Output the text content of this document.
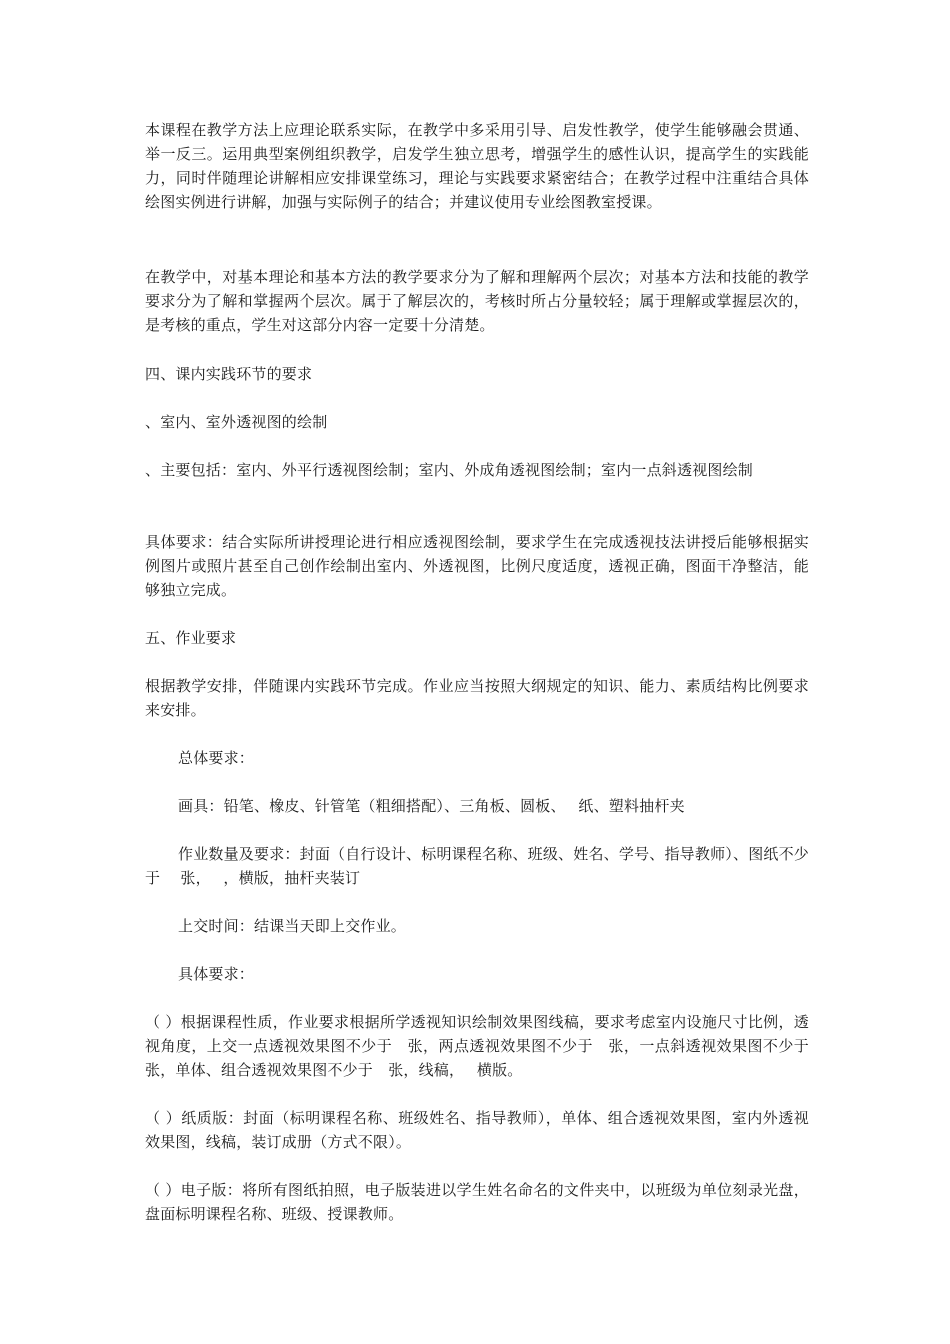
本课程在教学方法上应理论联系实际，在教学中多采用引导、启发性教学，使学生能够融会贯通、举一反三。运用典型案例组织教学，启发学生独立思考，增强学生的感性认识，提高学生的实践能力，同时伴随理论讲解相应安排课堂练习，理论与实践要求紧密结合；在教学过程中注重结合具体绘图实例进行讲解，加强与实际例子的结合；并建议使用专业绘图教室授课。

在教学中，对基本理论和基本方法的教学要求分为了解和理解两个层次；对基本方法和技能的教学要求分为了解和掌握两个层次。属于了解层次的，考核时所占分量较轻；属于理解或掌握层次的，是考核的重点，学生对这部分内容一定要十分清楚。

四、课内实践环节的要求

、室内、室外透视图的绘制

、主要包括：室内、外平行透视图绘制；室内、外成角透视图绘制；室内一点斜透视图绘制

具体要求：结合实际所讲授理论进行相应透视图绘制，要求学生在完成透视技法讲授后能够根据实例图片或照片甚至自己创作绘制出室内、外透视图，比例尺度适度，透视正确，图面干净整洁，能够独立完成。

五、作业要求

根据教学安排，伴随课内实践环节完成。作业应当按照大纲规定的知识、能力、素质结构比例要求来安排。

总体要求：

画具：铅笔、橡皮、针管笔（粗细搭配）、三角板、圆板、　 纸、塑料抽杆夹

作业数量及要求：封面（自行设计、标明课程名称、班级、姓名、学号、指导教师）、图纸不少于　 张，　 ，横版，抽杆夹装订

上交时间：结课当天即上交作业。

具体要求：

（ ）根据课程性质，作业要求根据所学透视知识绘制效果图线稿，要求考虑室内设施尺寸比例，透视角度，上交一点透视效果图不少于　张，两点透视效果图不少于　张，一点斜透视效果图不少于　张，单体、组合透视效果图不少于　张，线稿，　 横版。

（ ）纸质版：封面（标明课程名称、班级姓名、指导教师），单体、组合透视效果图，室内外透视效果图，线稿，装订成册（方式不限）。

（ ）电子版：将所有图纸拍照，电子版装进以学生姓名命名的文件夹中，以班级为单位刻录光盘，盘面标明课程名称、班级、授课教师。
